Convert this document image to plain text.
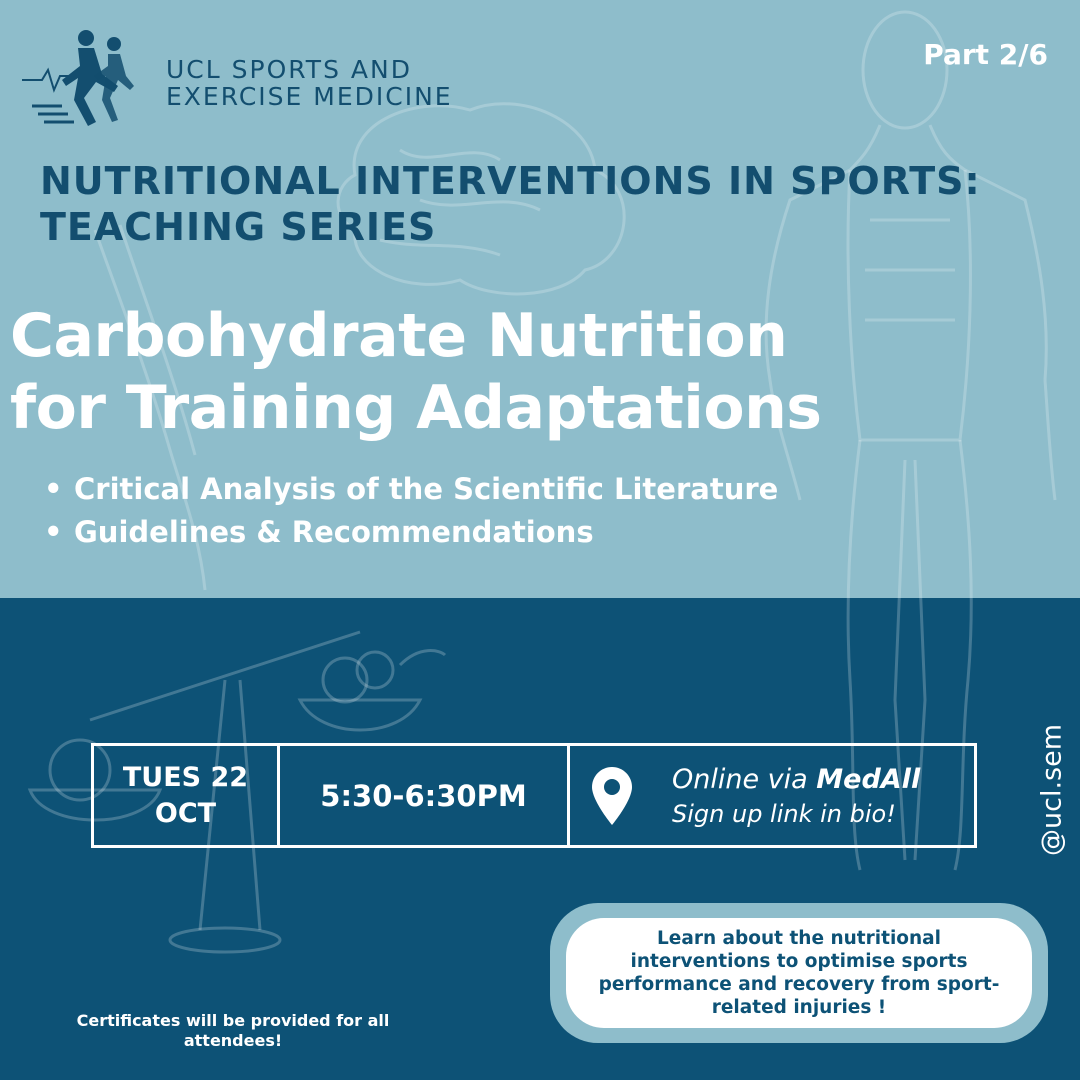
UCL SPORTS AND
EXERCISE MEDICINE
Part 2/6
NUTRITIONAL INTERVENTIONS IN SPORTS:
TEACHING SERIES
Carbohydrate Nutrition
for Training Adaptations
• Critical Analysis of the Scientific Literature
• Guidelines & Recommendations
TUES 22
OCT
5:30-6:30PM	Online via MedAll
Sign up link in bio!	@ucl.sem
Learn about the nutritional interventions to optimise sports performance and recovery from sport-related injuries !
Certificates will be provided for all attendees!
